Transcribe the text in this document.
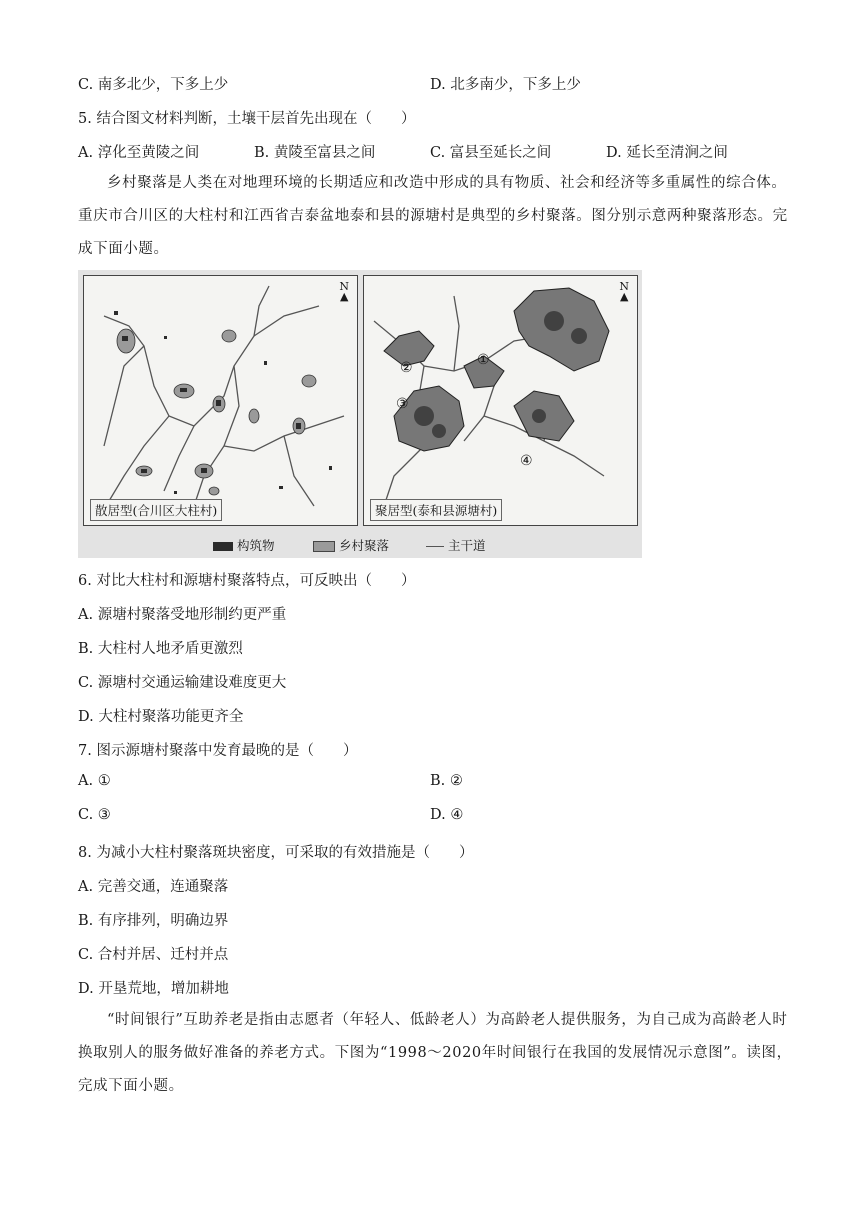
C. 南多北少，下多上少	D. 北多南少，下多上少
5. 结合图文材料判断，土壤干层首先出现在（　　）
A. 淳化至黄陵之间	B. 黄陵至富县之间	C. 富县至延长之间	D. 延长至清涧之间
乡村聚落是人类在对地理环境的长期适应和改造中形成的具有物质、社会和经济等多重属性的综合体。重庆市合川区的大柱村和江西省吉泰盆地泰和县的源塘村是典型的乡村聚落。图分别示意两种聚落形态。完成下面小题。
N
▲
散居型(合川区大柱村)
N
▲
①
②
③
④
聚居型(泰和县源塘村)
构筑物	乡村聚落	主干道
6. 对比大柱村和源塘村聚落特点，可反映出（　　）
A. 源塘村聚落受地形制约更严重
B. 大柱村人地矛盾更激烈
C. 源塘村交通运输建设难度更大
D. 大柱村聚落功能更齐全
7. 图示源塘村聚落中发育最晚的是（　　）
A. ①	B. ②
C. ③	D. ④
8. 为减小大柱村聚落斑块密度，可采取的有效措施是（　　）
A. 完善交通，连通聚落
B. 有序排列，明确边界
C. 合村并居、迁村并点
D. 开垦荒地，增加耕地
“时间银行”互助养老是指由志愿者（年轻人、低龄老人）为高龄老人提供服务，为自己成为高龄老人时换取别人的服务做好准备的养老方式。下图为“1998～2020年时间银行在我国的发展情况示意图”。读图，完成下面小题。
